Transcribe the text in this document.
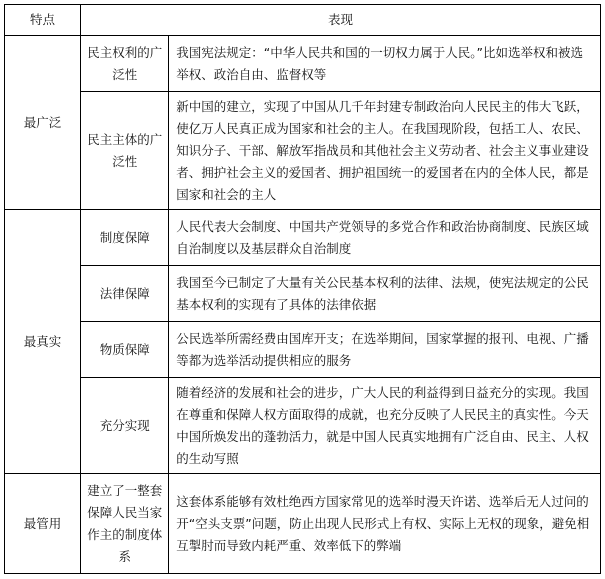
特点	表现	
最广泛	民主权利的广泛性	我国宪法规定：“中华人民共和国的一切权力属于人民。”比如选举权和被选举权、政治自由、监督权等

	民主主体的广泛性	新中国的建立，实现了中国从几千年封建专制政治向人民民主的伟大飞跃，使亿万人民真正成为国家和社会的主人。在我国现阶段，包括工人、农民、知识分子、干部、解放军指战员和其他社会主义劳动者、社会主义事业建设者、拥护社会主义的爱国者、拥护祖国统一的爱国者在内的全体人民，都是国家和社会的主人

最真实	制度保障	人民代表大会制度、中国共产党领导的多党合作和政治协商制度、民族区域自治制度以及基层群众自治制度

	法律保障	我国至今已制定了大量有关公民基本权利的法律、法规，使宪法规定的公民基本权利的实现有了具体的法律依据

	物质保障	公民选举所需经费由国库开支；在选举期间，国家掌握的报刊、电视、广播等都为选举活动提供相应的服务

	充分实现	随着经济的发展和社会的进步，广大人民的利益得到日益充分的实现。我国在尊重和保障人权方面取得的成就，也充分反映了人民民主的真实性。今天中国所焕发出的蓬勃活力，就是中国人民真实地拥有广泛自由、民主、人权的生动写照

最管用	建立了一整套保障人民当家作主的制度体系	这套体系能够有效杜绝西方国家常见的选举时漫天许诺、选举后无人过问的开“空头支票”问题，防止出现人民形式上有权、实际上无权的现象，避免相互掣肘而导致内耗严重、效率低下的弊端
